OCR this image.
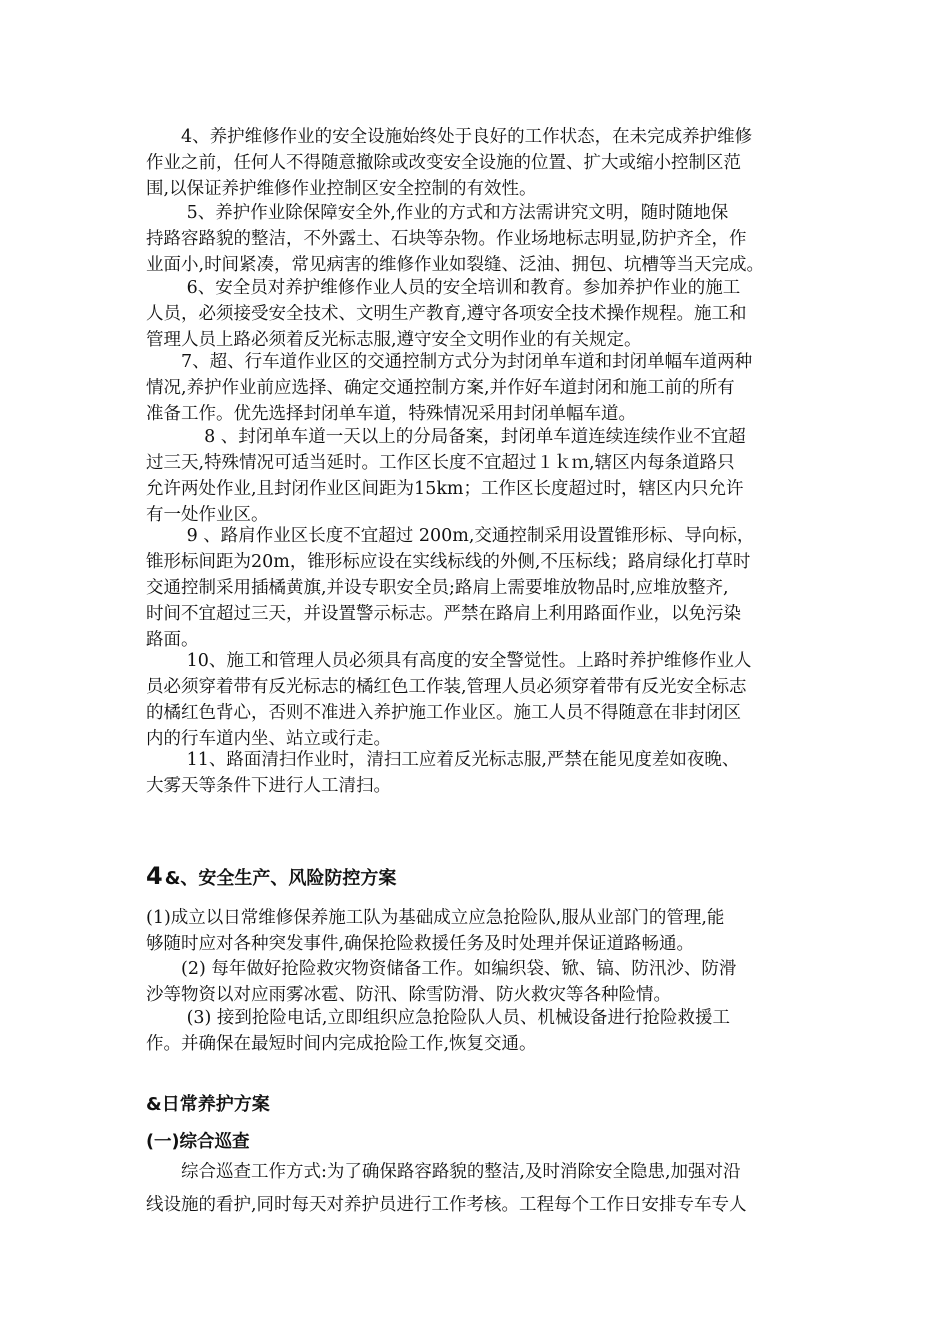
　　4、养护维修作业的安全设施始终处于良好的工作状态，在未完成养护维修
作业之前，任何人不得随意撤除或改变安全设施的位置、扩大或缩小控制区范
围,以保证养护维修作业控制区安全控制的有效性。
　　 5、养护作业除保障安全外,作业的方式和方法需讲究文明，随时随地保
持路容路貌的整洁，不外露土、石块等杂物。作业场地标志明显,防护齐全，作
业面小,时间紧凑，常见病害的维修作业如裂缝、泛油、拥包、坑槽等当天完成。
　　 6、安全员对养护维修作业人员的安全培训和教育。参加养护作业的施工
人员，必须接受安全技术、文明生产教育,遵守各项安全技术操作规程。施工和
管理人员上路必须着反光标志服,遵守安全文明作业的有关规定。
　　7、超、行车道作业区的交通控制方式分为封闭单车道和封闭单幅车道两种
情况,养护作业前应选择、确定交通控制方案,并作好车道封闭和施工前的所有
准备工作。优先选择封闭单车道，特殊情况采用封闭单幅车道。
　　　 8 、封闭单车道一天以上的分局备案，封闭单车道连续连续作业不宜超
过三天,特殊情况可适当延时。工作区长度不宜超过１ｋｍ,辖区内每条道路只
允许两处作业,且封闭作业区间距为15km；工作区长度超过时，辖区内只允许
有一处作业区。
　　 9 、路肩作业区长度不宜超过 200m,交通控制采用设置锥形标、导向标，
锥形标间距为20m，锥形标应设在实线标线的外侧,不压标线；路肩绿化打草时
交通控制采用插橘黄旗,并设专职安全员;路肩上需要堆放物品时,应堆放整齐,
时间不宜超过三天，并设置警示标志。严禁在路肩上利用路面作业，以免污染
路面。
　　 10、施工和管理人员必须具有高度的安全警觉性。上路时养护维修作业人
员必须穿着带有反光标志的橘红色工作装,管理人员必须穿着带有反光安全标志
的橘红色背心，否则不准进入养护施工作业区。施工人员不得随意在非封闭区
内的行车道内坐、站立或行走。
　　 11、路面清扫作业时，清扫工应着反光标志服,严禁在能见度差如夜晚、
大雾天等条件下进行人工清扫。
4 &、安全生产、风险防控方案
(1)成立以日常维修保养施工队为基础成立应急抢险队,服从业部门的管理,能
够随时应对各种突发事件,确保抢险救援任务及时处理并保证道路畅通。
　　(2) 每年做好抢险救灾物资储备工作。如编织袋、锨、镐、防汛沙、防滑
沙等物资以对应雨雾冰雹、防汛、除雪防滑、防火救灾等各种险情。
　　 (3) 接到抢险电话,立即组织应急抢险队人员、机械设备进行抢险救援工
作。并确保在最短时间内完成抢险工作,恢复交通。
&日常养护方案
(一)综合巡查
　　综合巡查工作方式:为了确保路容路貌的整洁,及时消除安全隐患,加强对沿
线设施的看护,同时每天对养护员进行工作考核。工程每个工作日安排专车专人
